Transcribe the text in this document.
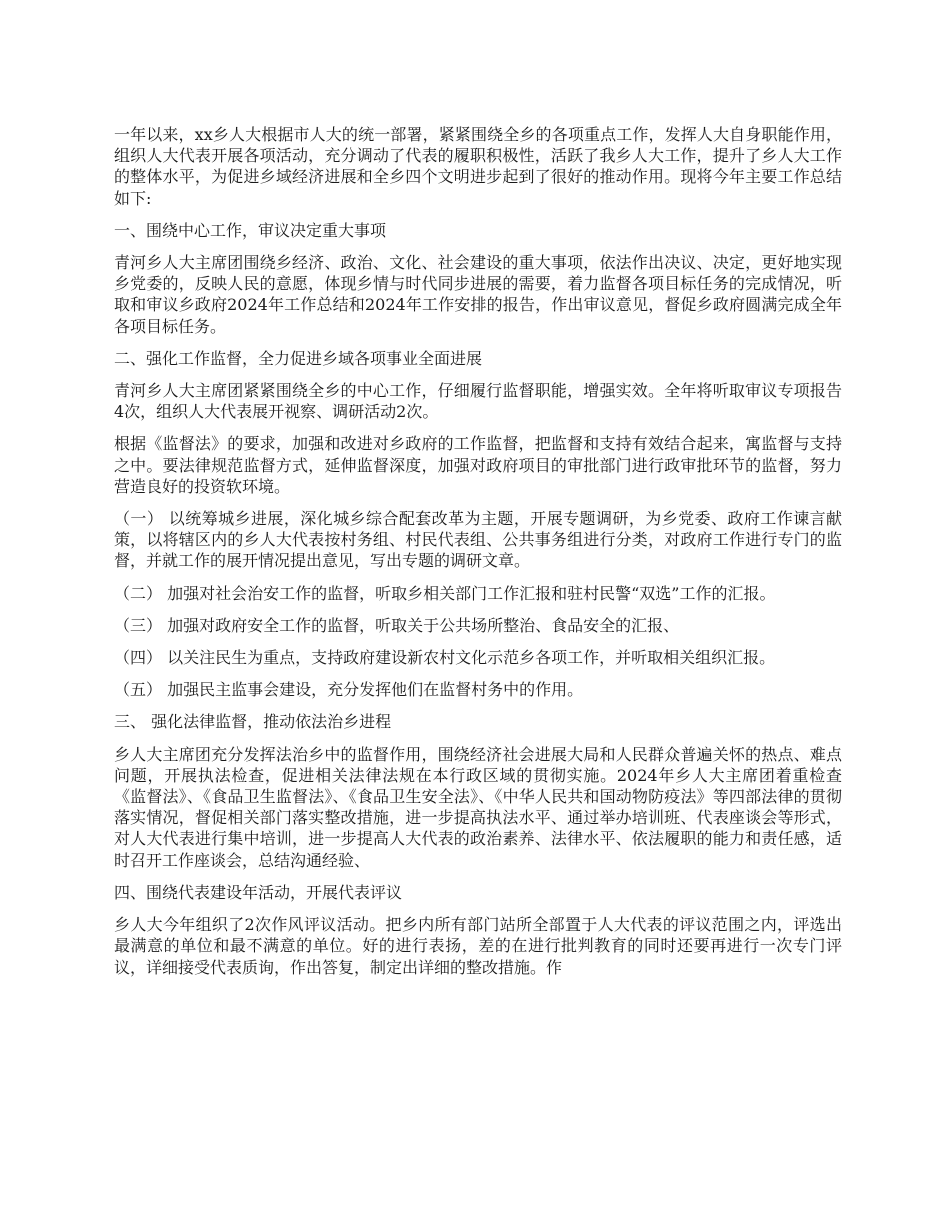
一年以来，xx乡人大根据市人大的统一部署，紧紧围绕全乡的各项重点工作，发挥人大自身职能作用，组织人大代表开展各项活动，充分调动了代表的履职积极性，活跃了我乡人大工作，提升了乡人大工作的整体水平，为促进乡域经济进展和全乡四个文明进步起到了很好的推动作用。现将今年主要工作总结如下:

一、围绕中心工作，审议决定重大事项

青河乡人大主席团围绕乡经济、政治、文化、社会建设的重大事项，依法作出决议、决定，更好地实现乡党委的，反映人民的意愿，体现乡情与时代同步进展的需要，着力监督各项目标任务的完成情况，听取和审议乡政府2024年工作总结和2024年工作安排的报告，作出审议意见，督促乡政府圆满完成全年各项目标任务。

二、强化工作监督，全力促进乡域各项事业全面进展

青河乡人大主席团紧紧围绕全乡的中心工作，仔细履行监督职能，增强实效。全年将听取审议专项报告4次，组织人大代表展开视察、调研活动2次。

根据《监督法》的要求，加强和改进对乡政府的工作监督，把监督和支持有效结合起来，寓监督与支持之中。要法律规范监督方式，延伸监督深度，加强对政府项目的审批部门进行政审批环节的监督，努力营造良好的投资软环境。

（一） 以统筹城乡进展，深化城乡综合配套改革为主题，开展专题调研，为乡党委、政府工作谏言献策，以将辖区内的乡人大代表按村务组、村民代表组、公共事务组进行分类，对政府工作进行专门的监督，并就工作的展开情况提出意见，写出专题的调研文章。

（二） 加强对社会治安工作的监督，听取乡相关部门工作汇报和驻村民警“双选”工作的汇报。

（三） 加强对政府安全工作的监督，听取关于公共场所整治、食品安全的汇报、

（四） 以关注民生为重点，支持政府建设新农村文化示范乡各项工作，并听取相关组织汇报。

（五） 加强民主监事会建设，充分发挥他们在监督村务中的作用。

三、 强化法律监督，推动依法治乡进程

乡人大主席团充分发挥法治乡中的监督作用，围绕经济社会进展大局和人民群众普遍关怀的热点、难点问题，开展执法检查，促进相关法律法规在本行政区域的贯彻实施。2024年乡人大主席团着重检查《监督法》、《食品卫生监督法》、《食品卫生安全法》、《中华人民共和国动物防疫法》等四部法律的贯彻落实情况，督促相关部门落实整改措施，进一步提高执法水平、通过举办培训班、代表座谈会等形式，对人大代表进行集中培训，进一步提高人大代表的政治素养、法律水平、依法履职的能力和责任感，适时召开工作座谈会，总结沟通经验、

四、围绕代表建设年活动，开展代表评议

乡人大今年组织了2次作风评议活动。把乡内所有部门站所全部置于人大代表的评议范围之内，评选出最满意的单位和最不满意的单位。好的进行表扬，差的在进行批判教育的同时还要再进行一次专门评议，详细接受代表质询，作出答复，制定出详细的整改措施。作
